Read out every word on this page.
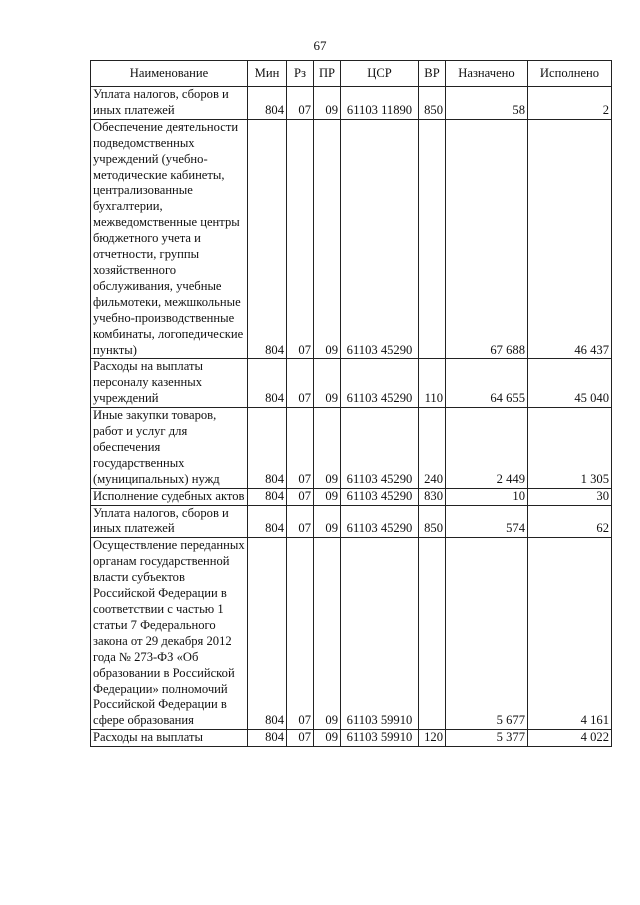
67
Наименование	Мин	Рз	ПР	ЦСР	ВР	Назначено	Исполнено
Уплата налогов, сборов и иных платежей	804	07	09	61103 11890	850	58	2
Обеспечение деятельности подведомственных учреждений (учебно-методические кабинеты, централизованные бухгалтерии, межведомственные центры бюджетного учета и отчетности, группы хозяйственного обслуживания, учебные фильмотеки, межшкольные учебно-производственные комбинаты, логопедические пункты)	804	07	09	61103 45290		67 688	46 437
Расходы на выплаты персоналу казенных учреждений	804	07	09	61103 45290	110	64 655	45 040
Иные закупки товаров, работ и услуг для обеспечения государственных (муниципальных) нужд	804	07	09	61103 45290	240	2 449	1 305
Исполнение судебных актов	804	07	09	61103 45290	830	10	30
Уплата налогов, сборов и иных платежей	804	07	09	61103 45290	850	574	62
Осуществление переданных органам государственной власти субъектов Российской Федерации в соответствии с частью 1 статьи 7 Федерального закона от 29 декабря 2012 года № 273-ФЗ «Об образовании в Российской Федерации» полномочий Российской Федерации в сфере образования	804	07	09	61103 59910		5 677	4 161
Расходы на выплаты	804	07	09	61103 59910	120	5 377	4 022
